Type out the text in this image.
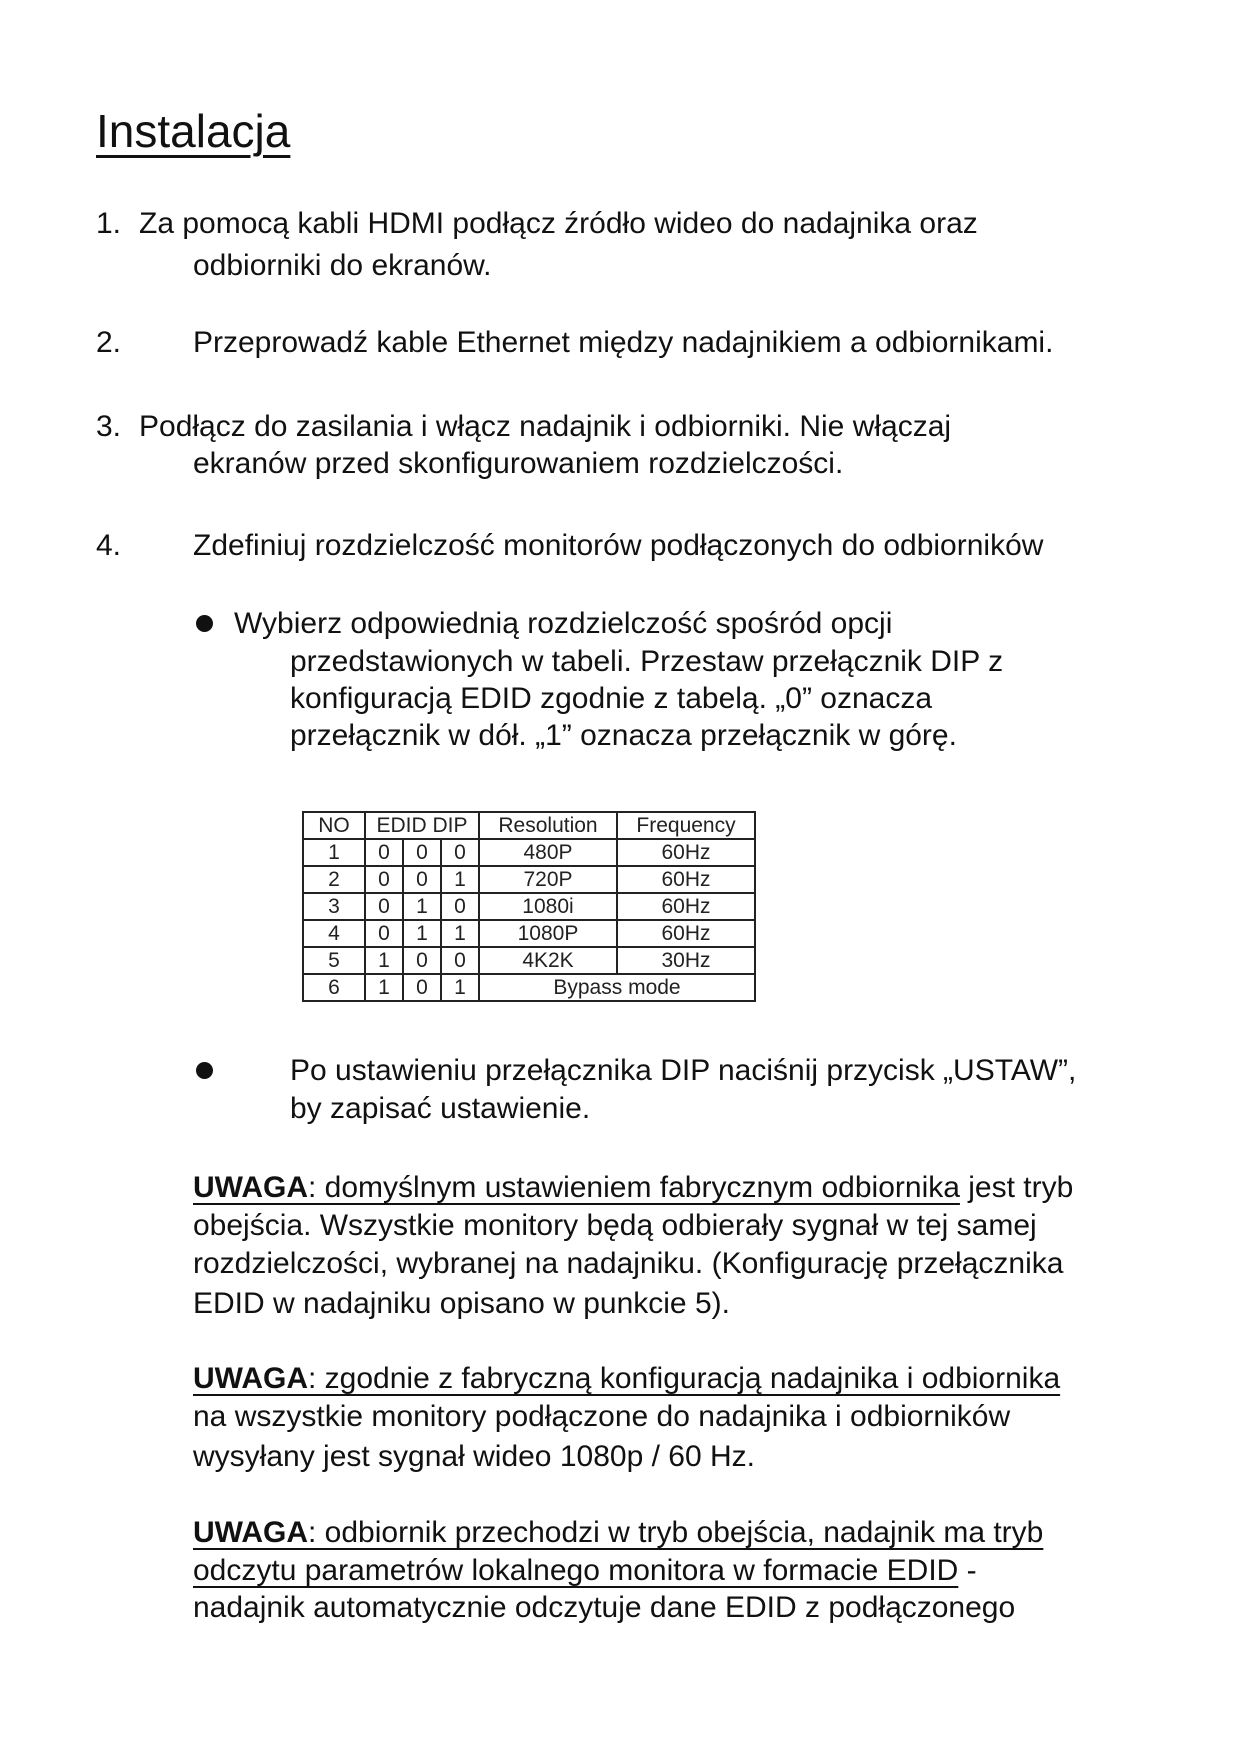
Instalacja
1. Za pomocą kabli HDMI podłącz źródło wideo do nadajnika oraz
odbiorniki do ekranów.
2. Przeprowadź kable Ethernet między nadajnikiem a odbiornikami.
3. Podłącz do zasilania i włącz nadajnik i odbiorniki. Nie włączaj
ekranów przed skonfigurowaniem rozdzielczości.
4. Zdefiniuj rozdzielczość monitorów podłączonych do odbiorników
Wybierz odpowiednią rozdzielczość spośród opcji
przedstawionych w tabeli. Przestaw przełącznik DIP z
konfiguracją EDID zgodnie z tabelą. „0” oznacza
przełącznik w dół. „1” oznacza przełącznik w górę.
NO	EDID DIP			Resolution	Frequency
1	0	0	0	480P	60Hz
2	0	0	1	720P	60Hz
3	0	1	0	1080i	60Hz
4	0	1	1	1080P	60Hz
5	1	0	0	4K2K	30Hz
6	1	0	1	Bypass mode	
Po ustawieniu przełącznika DIP naciśnij przycisk „USTAW”,
by zapisać ustawienie.
UWAGA: domyślnym ustawieniem fabrycznym odbiornika jest tryb
obejścia. Wszystkie monitory będą odbierały sygnał w tej samej
rozdzielczości, wybranej na nadajniku. (Konfigurację przełącznika
EDID w nadajniku opisano w punkcie 5).
UWAGA: zgodnie z fabryczną konfiguracją nadajnika i odbiornika
na wszystkie monitory podłączone do nadajnika i odbiorników
wysyłany jest sygnał wideo 1080p / 60 Hz.
UWAGA: odbiornik przechodzi w tryb obejścia, nadajnik ma tryb
odczytu parametrów lokalnego monitora w formacie EDID -
nadajnik automatycznie odczytuje dane EDID z podłączonego
